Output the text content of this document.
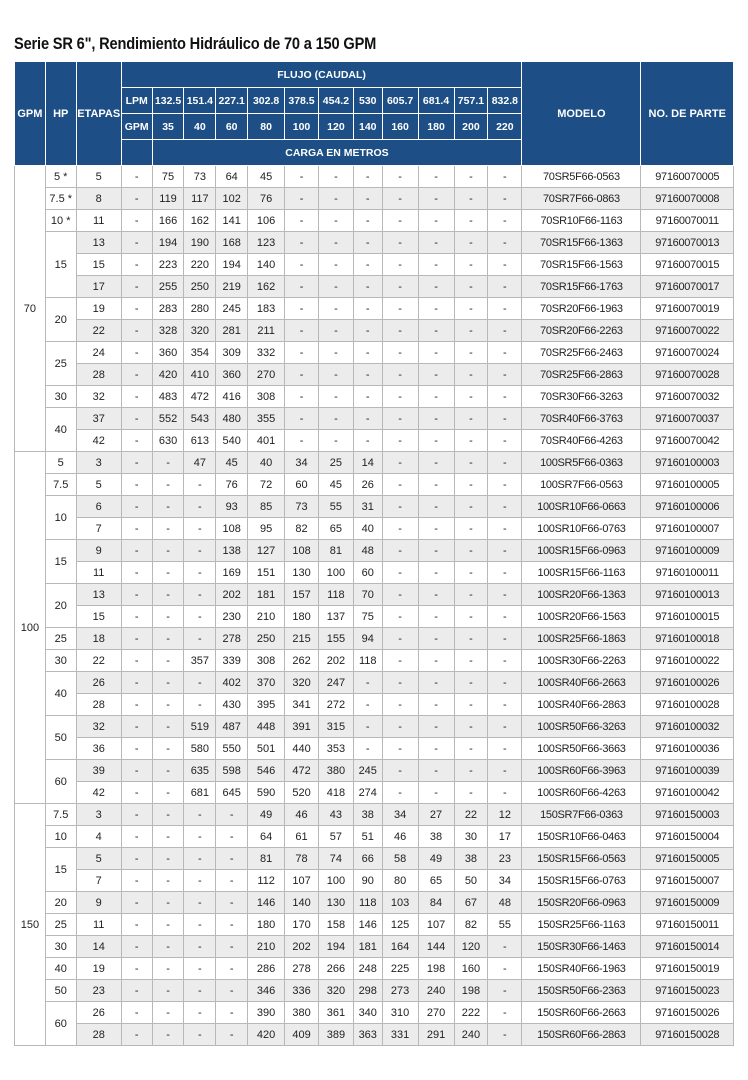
Serie SR 6", Rendimiento Hidráulico de 70 a 150 GPM
GPM	HP	ETAPAS	FLUJO (CAUDAL)												MODELO	NO. DE PARTE
			LPM	132.5	151.4	227.1	302.8	378.5	454.2	530	605.7	681.4	757.1	832.8		
			GPM	35	40	60	80	100	120	140	160	180	200	220		
				CARGA EN METROS												
70	5 *	5	-	75	73	64	45	-	-	-	-	-	-	-	70SR5F66-0563	97160070005
	7.5 *	8	-	119	117	102	76	-	-	-	-	-	-	-	70SR7F66-0863	97160070008
	10 *	11	-	166	162	141	106	-	-	-	-	-	-	-	70SR10F66-1163	97160070011
	15	13	-	194	190	168	123	-	-	-	-	-	-	-	70SR15F66-1363	97160070013
		15	-	223	220	194	140	-	-	-	-	-	-	-	70SR15F66-1563	97160070015
		17	-	255	250	219	162	-	-	-	-	-	-	-	70SR15F66-1763	97160070017
	20	19	-	283	280	245	183	-	-	-	-	-	-	-	70SR20F66-1963	97160070019
		22	-	328	320	281	211	-	-	-	-	-	-	-	70SR20F66-2263	97160070022
	25	24	-	360	354	309	332	-	-	-	-	-	-	-	70SR25F66-2463	97160070024
		28	-	420	410	360	270	-	-	-	-	-	-	-	70SR25F66-2863	97160070028
	30	32	-	483	472	416	308	-	-	-	-	-	-	-	70SR30F66-3263	97160070032
	40	37	-	552	543	480	355	-	-	-	-	-	-	-	70SR40F66-3763	97160070037
		42	-	630	613	540	401	-	-	-	-	-	-	-	70SR40F66-4263	97160070042
100	5	3	-	-	47	45	40	34	25	14	-	-	-	-	100SR5F66-0363	97160100003
	7.5	5	-	-	-	76	72	60	45	26	-	-	-	-	100SR7F66-0563	97160100005
	10	6	-	-	-	93	85	73	55	31	-	-	-	-	100SR10F66-0663	97160100006
		7	-	-	-	108	95	82	65	40	-	-	-	-	100SR10F66-0763	97160100007
	15	9	-	-	-	138	127	108	81	48	-	-	-	-	100SR15F66-0963	97160100009
		11	-	-	-	169	151	130	100	60	-	-	-	-	100SR15F66-1163	97160100011
	20	13	-	-	-	202	181	157	118	70	-	-	-	-	100SR20F66-1363	97160100013
		15	-	-	-	230	210	180	137	75	-	-	-	-	100SR20F66-1563	97160100015
	25	18	-	-	-	278	250	215	155	94	-	-	-	-	100SR25F66-1863	97160100018
	30	22	-	-	357	339	308	262	202	118	-	-	-	-	100SR30F66-2263	97160100022
	40	26	-	-	-	402	370	320	247	-	-	-	-	-	100SR40F66-2663	97160100026
		28	-	-	-	430	395	341	272	-	-	-	-	-	100SR40F66-2863	97160100028
	50	32	-	-	519	487	448	391	315	-	-	-	-	-	100SR50F66-3263	97160100032
		36	-	-	580	550	501	440	353	-	-	-	-	-	100SR50F66-3663	97160100036
	60	39	-	-	635	598	546	472	380	245	-	-	-	-	100SR60F66-3963	97160100039
		42	-	-	681	645	590	520	418	274	-	-	-	-	100SR60F66-4263	97160100042
150	7.5	3	-	-	-	-	49	46	43	38	34	27	22	12	150SR7F66-0363	97160150003
	10	4	-	-	-	-	64	61	57	51	46	38	30	17	150SR10F66-0463	97160150004
	15	5	-	-	-	-	81	78	74	66	58	49	38	23	150SR15F66-0563	97160150005
		7	-	-	-	-	112	107	100	90	80	65	50	34	150SR15F66-0763	97160150007
	20	9	-	-	-	-	146	140	130	118	103	84	67	48	150SR20F66-0963	97160150009
	25	11	-	-	-	-	180	170	158	146	125	107	82	55	150SR25F66-1163	97160150011
	30	14	-	-	-	-	210	202	194	181	164	144	120	-	150SR30F66-1463	97160150014
	40	19	-	-	-	-	286	278	266	248	225	198	160	-	150SR40F66-1963	97160150019
	50	23	-	-	-	-	346	336	320	298	273	240	198	-	150SR50F66-2363	97160150023
	60	26	-	-	-	-	390	380	361	340	310	270	222	-	150SR60F66-2663	97160150026
		28	-	-	-	-	420	409	389	363	331	291	240	-	150SR60F66-2863	97160150028
